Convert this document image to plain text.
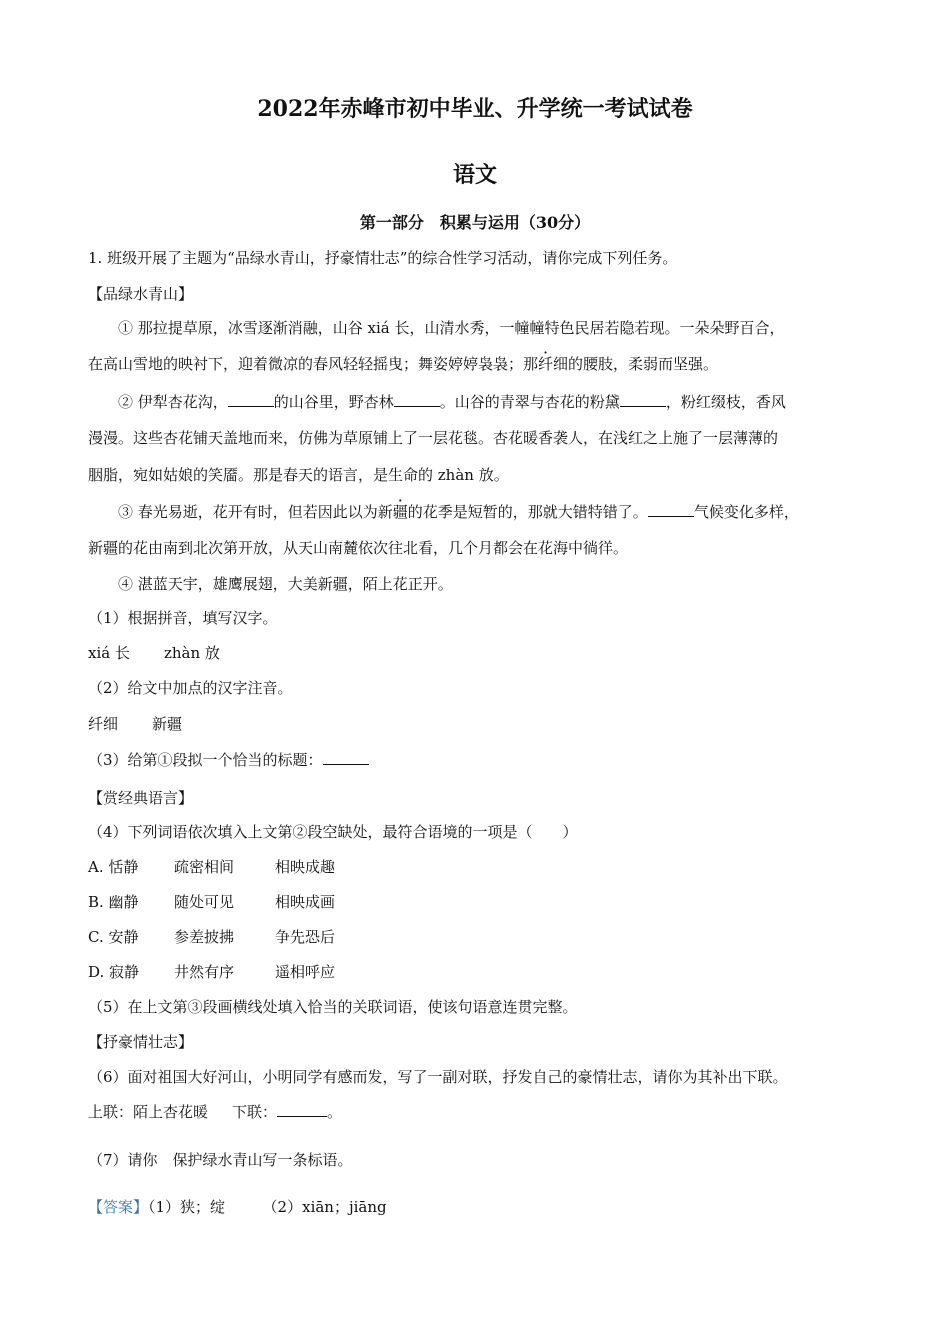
2022年赤峰市初中毕业、升学统一考试试卷
语文
第一部分　积累与运用（30分）
1. 班级开展了主题为“品绿水青山，抒豪情壮志”的综合性学习活动，请你完成下列任务。
【品绿水青山】
① 那拉提草原，冰雪逐渐消融，山谷 xiá 长，山清水秀，一幢幢特色民居若隐若现。一朵朵野百合，
在高山雪地的映衬下，迎着微凉的春风轻轻摇曳；舞姿婷婷袅袅；那纤细的腰肢，柔弱而坚强。
② 伊犁杏花沟，	的山谷里，野杏林	。山谷的青翠与杏花的粉黛	，粉红缀枝，香风
漫漫。这些杏花铺天盖地而来，仿佛为草原铺上了一层花毯。杏花暖香袭人，在浅红之上施了一层薄薄的
胭脂，宛如姑娘的笑靥。那是春天的语言，是生命的 zhàn 放。
③ 春光易逝，花开有时，但若因此以为新疆的花季是短暂的，那就大错特错了。	气候变化多样，
新疆的花由南到北次第开放，从天山南麓依次往北看，几个月都会在花海中徜徉。
④ 湛蓝天宇，雄鹰展翅，大美新疆，陌上花正开。
（1）根据拼音，填写汉字。
xiá 长 zhàn 放
（2）给文中加点的汉字注音。
纤细 新疆
（3）给第①段拟一个恰当的标题：
【赏经典语言】
（4）下列词语依次填入上文第②段空缺处，最符合语境的一项是（　　）
A. 恬静 疏密相间	相映成趣
B. 幽静 随处可见	相映成画
C. 安静 参差披拂	争先恐后
D. 寂静 井然有序	遥相呼应
（5）在上文第③段画横线处填入恰当的关联词语，使该句语意连贯完整。
【抒豪情壮志】
（6）面对祖国大好河山，小明同学有感而发，写了一副对联，抒发自己的豪情壮志，请你为其补出下联。
上联：陌上杏花暖 下联：	。
（7）请你　保护绿水青山写一条标语。
【答案】（1）狭；绽　　　（2）xiān；jiāng
